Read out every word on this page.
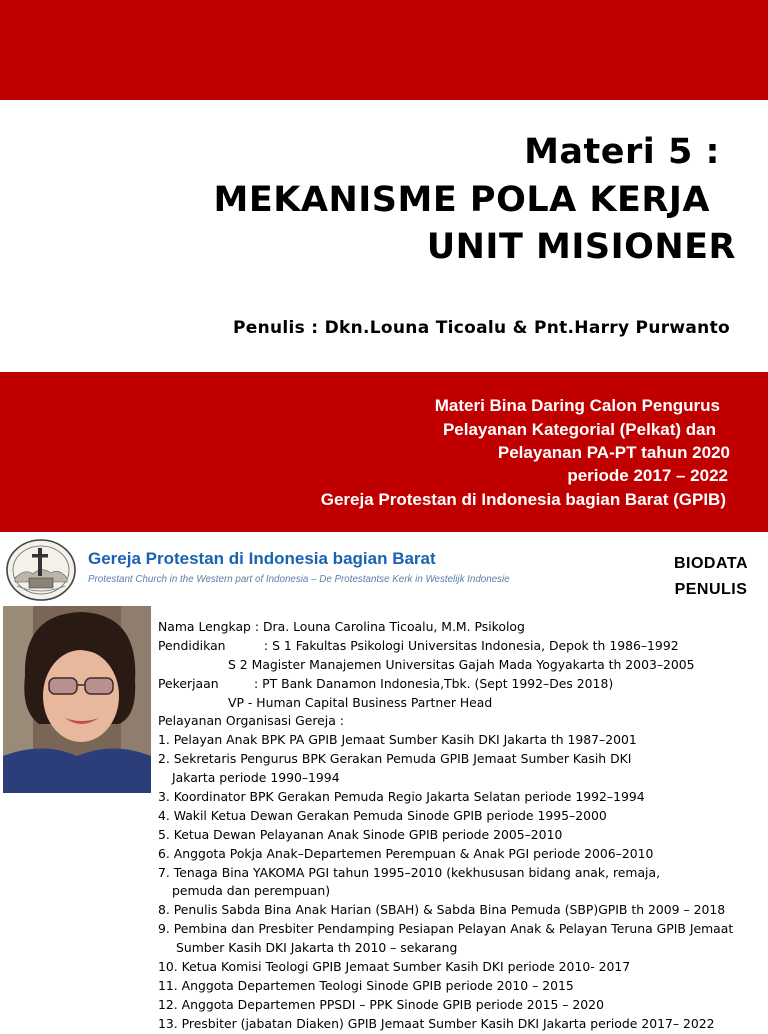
Materi 5 :
MEKANISME POLA KERJA
UNIT MISIONER
Penulis : Dkn.Louna Ticoalu & Pnt.Harry Purwanto
Materi Bina Daring Calon Pengurus
Pelayanan Kategorial (Pelkat) dan
Pelayanan PA-PT tahun 2020
periode 2017 – 2022
Gereja Protestan di Indonesia bagian Barat (GPIB)
Gereja Protestan di Indonesia bagian Barat
Protestant Church in the Western part of Indonesia – De Protestantse Kerk in Westelijk Indonesie
BIODATA
PENULIS
Nama Lengkap : Dra. Louna Carolina Ticoalu, M.M. Psikolog
Pendidikan	: S 1 Fakultas Psikologi Universitas Indonesia, Depok th 1986–1992
S 2 Magister Manajemen Universitas Gajah Mada Yogyakarta th 2003–2005
Pekerjaan	: PT Bank Danamon Indonesia,Tbk. (Sept 1992–Des 2018)
VP - Human Capital Business Partner Head
Pelayanan Organisasi Gereja :
1. Pelayan Anak BPK PA GPIB Jemaat Sumber Kasih DKI Jakarta th 1987–2001
2. Sekretaris Pengurus BPK Gerakan Pemuda GPIB Jemaat Sumber Kasih DKI
Jakarta periode 1990–1994
3. Koordinator BPK Gerakan Pemuda Regio Jakarta Selatan periode 1992–1994
4. Wakil Ketua Dewan Gerakan Pemuda Sinode GPIB periode 1995–2000
5. Ketua Dewan Pelayanan Anak Sinode GPIB periode 2005–2010
6. Anggota Pokja Anak–Departemen Perempuan & Anak PGI periode 2006–2010
7. Tenaga Bina YAKOMA PGI tahun 1995–2010 (kekhususan bidang anak, remaja,
pemuda dan perempuan)
8. Penulis Sabda Bina Anak Harian (SBAH) & Sabda Bina Pemuda (SBP)GPIB th 2009 – 2018
9. Pembina dan Presbiter Pendamping Pesiapan Pelayan Anak & Pelayan Teruna GPIB Jemaat
Sumber Kasih DKI Jakarta th 2010 – sekarang
10. Ketua Komisi Teologi GPIB Jemaat Sumber Kasih DKI periode 2010- 2017
11. Anggota Departemen Teologi Sinode GPIB periode 2010 – 2015
12. Anggota Departemen PPSDI – PPK Sinode GPIB periode 2015 – 2020
13. Presbiter (jabatan Diaken) GPIB Jemaat Sumber Kasih DKI Jakarta periode 2017– 2022
